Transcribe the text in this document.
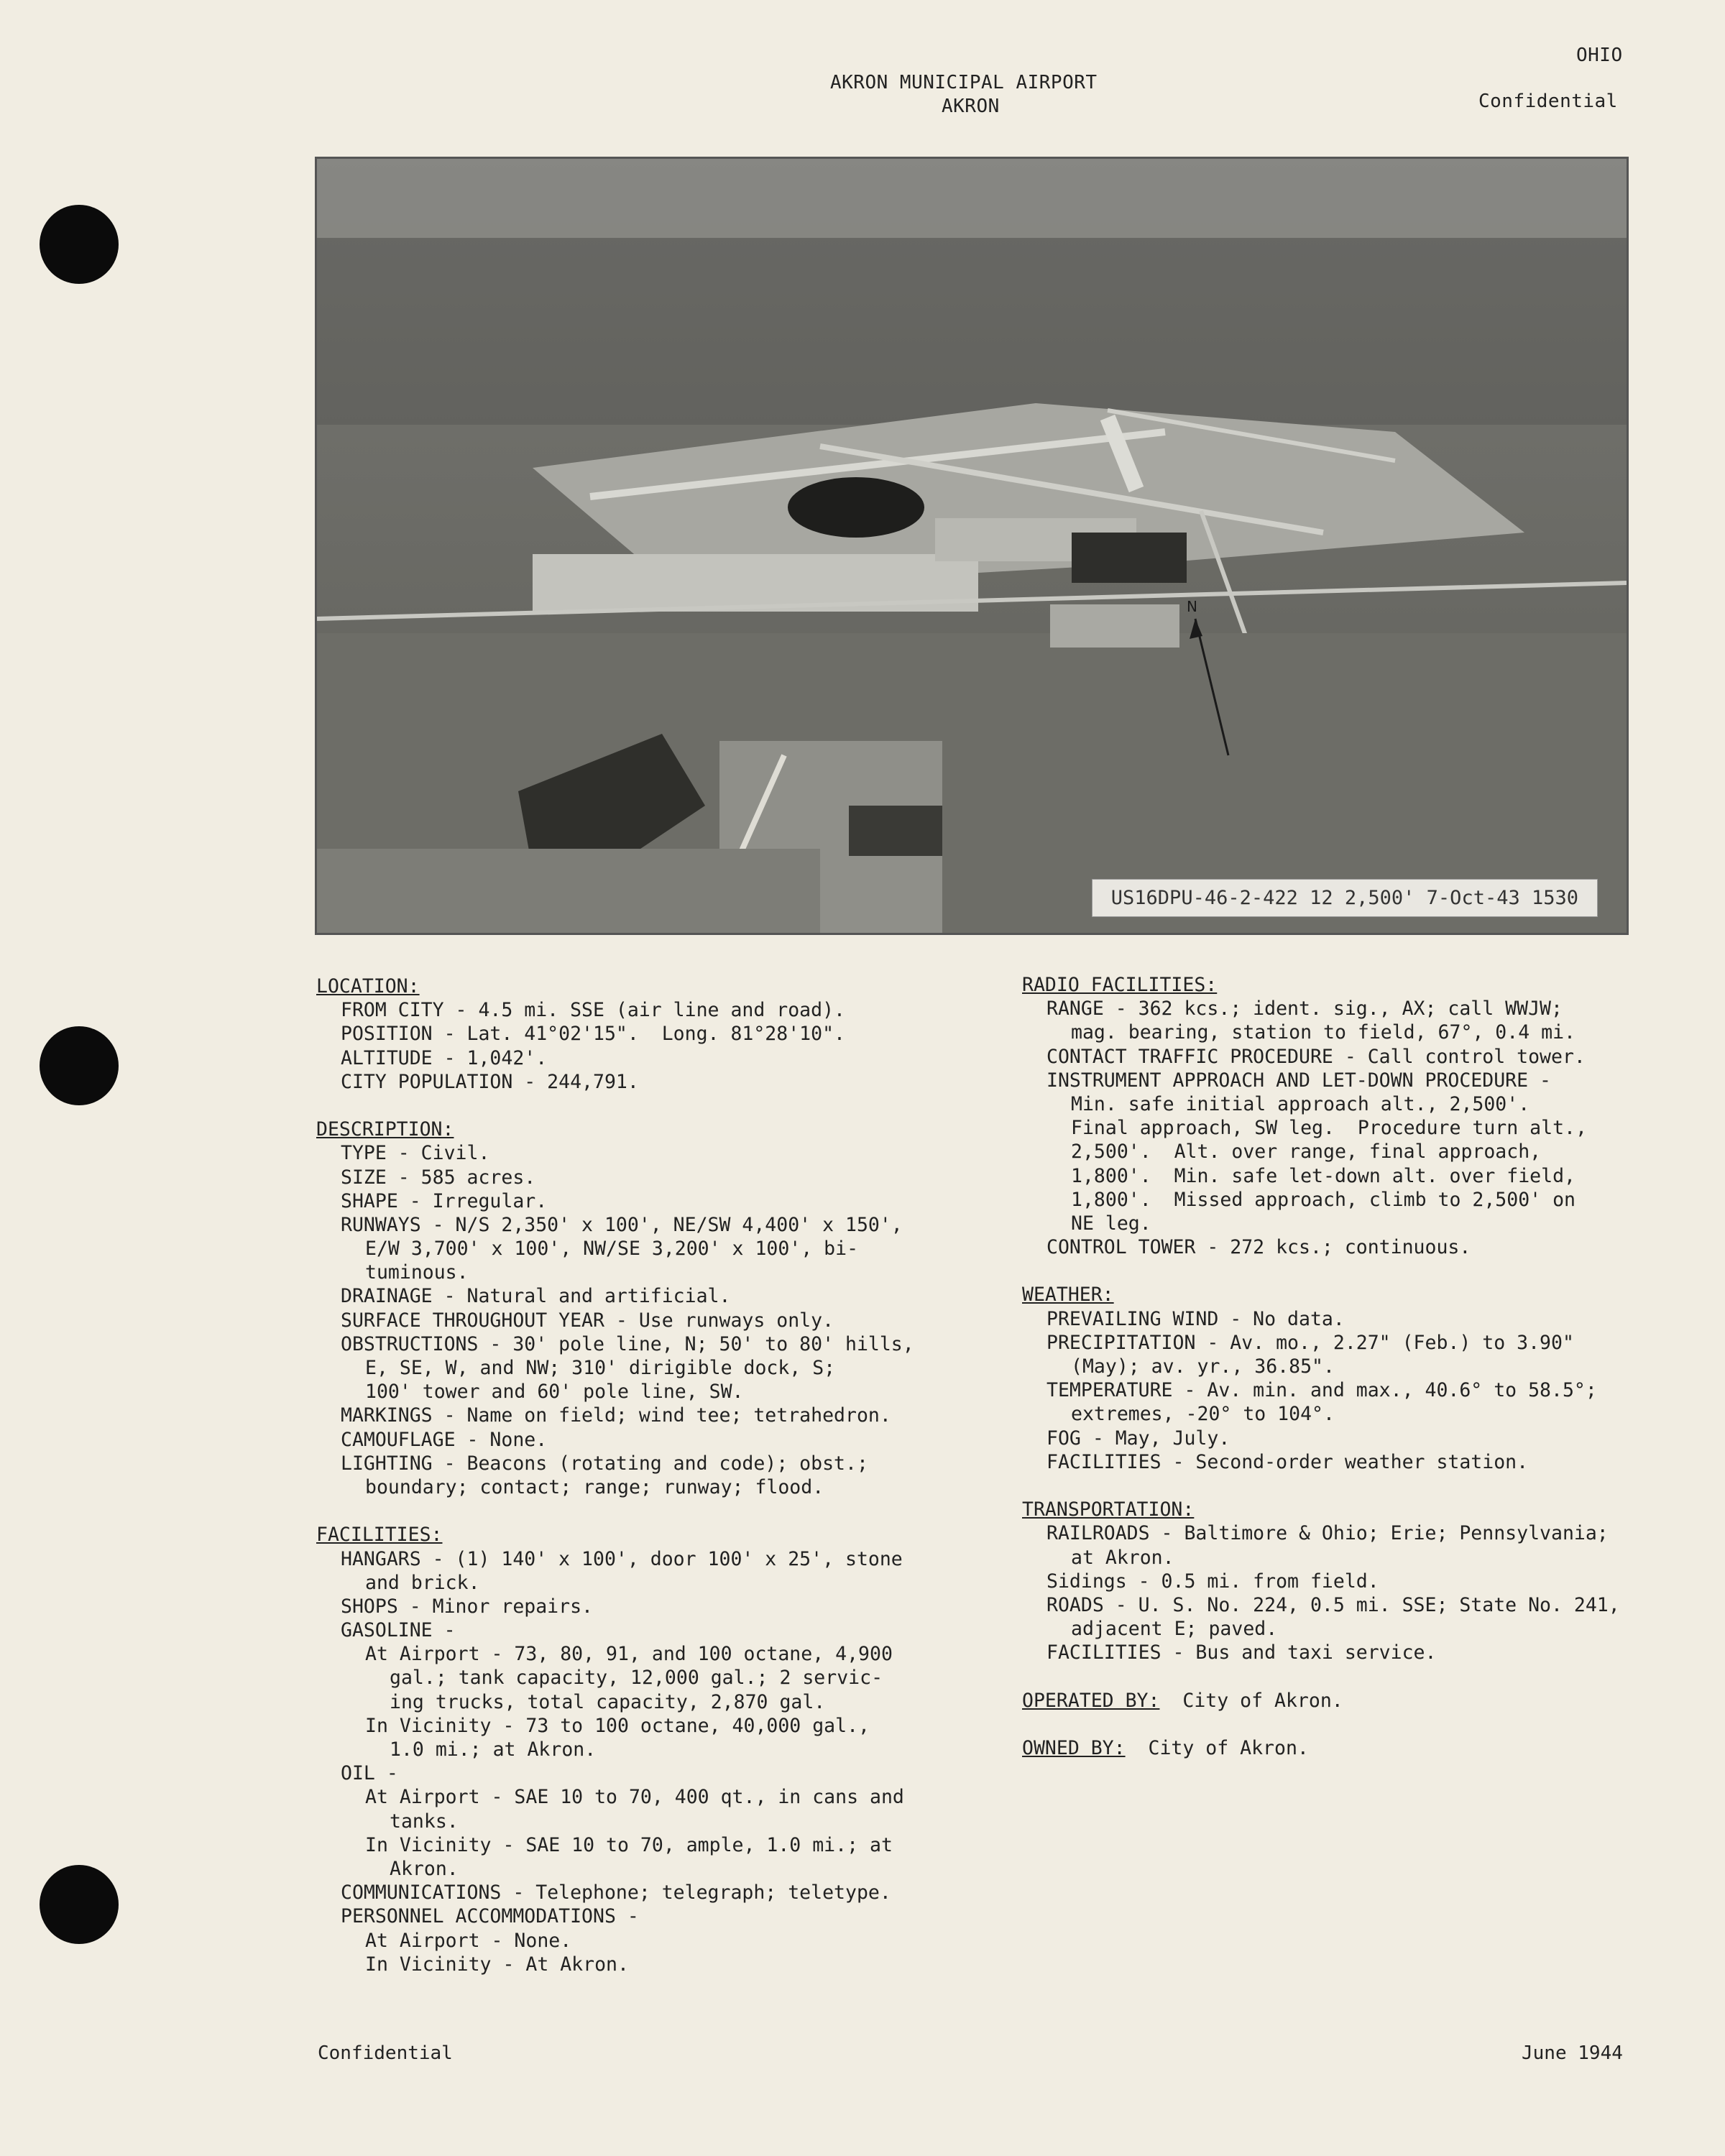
AKRON MUNICIPAL AIRPORT
AKRON
OHIO
Confidential
N
US16DPU-46-2-422 12 2,500' 7-Oct-43 1530
LOCATION:
FROM CITY - 4.5 mi. SSE (air line and road).
POSITION - Lat. 41°02'15".  Long. 81°28'10".
ALTITUDE - 1,042'.
CITY POPULATION - 244,791.
DESCRIPTION:
TYPE - Civil.
SIZE - 585 acres.
SHAPE - Irregular.
RUNWAYS - N/S 2,350' x 100', NE/SW 4,400' x 150',
E/W 3,700' x 100', NW/SE 3,200' x 100', bi-
tuminous.
DRAINAGE - Natural and artificial.
SURFACE THROUGHOUT YEAR - Use runways only.
OBSTRUCTIONS - 30' pole line, N; 50' to 80' hills,
E, SE, W, and NW; 310' dirigible dock, S;
100' tower and 60' pole line, SW.
MARKINGS - Name on field; wind tee; tetrahedron.
CAMOUFLAGE - None.
LIGHTING - Beacons (rotating and code); obst.;
boundary; contact; range; runway; flood.
FACILITIES:
HANGARS - (1) 140' x 100', door 100' x 25', stone
and brick.
SHOPS - Minor repairs.
GASOLINE -
At Airport - 73, 80, 91, and 100 octane, 4,900
gal.; tank capacity, 12,000 gal.; 2 servic-
ing trucks, total capacity, 2,870 gal.
In Vicinity - 73 to 100 octane, 40,000 gal.,
1.0 mi.; at Akron.
OIL -
At Airport - SAE 10 to 70, 400 qt., in cans and
tanks.
In Vicinity - SAE 10 to 70, ample, 1.0 mi.; at
Akron.
COMMUNICATIONS - Telephone; telegraph; teletype.
PERSONNEL ACCOMMODATIONS -
At Airport - None.
In Vicinity - At Akron.
RADIO FACILITIES:
RANGE - 362 kcs.; ident. sig., AX; call WWJW;
mag. bearing, station to field, 67°, 0.4 mi.
CONTACT TRAFFIC PROCEDURE - Call control tower.
INSTRUMENT APPROACH AND LET-DOWN PROCEDURE -
Min. safe initial approach alt., 2,500'.
Final approach, SW leg.  Procedure turn alt.,
2,500'.  Alt. over range, final approach,
1,800'.  Min. safe let-down alt. over field,
1,800'.  Missed approach, climb to 2,500' on
NE leg.
CONTROL TOWER - 272 kcs.; continuous.
WEATHER:
PREVAILING WIND - No data.
PRECIPITATION - Av. mo., 2.27" (Feb.) to 3.90"
(May); av. yr., 36.85".
TEMPERATURE - Av. min. and max., 40.6° to 58.5°;
extremes, -20° to 104°.
FOG - May, July.
FACILITIES - Second-order weather station.
TRANSPORTATION:
RAILROADS - Baltimore & Ohio; Erie; Pennsylvania;
at Akron.
Sidings - 0.5 mi. from field.
ROADS - U. S. No. 224, 0.5 mi. SSE; State No. 241,
adjacent E; paved.
FACILITIES - Bus and taxi service.
OPERATED BY:  City of Akron.
OWNED BY:  City of Akron.
Confidential	June 1944
